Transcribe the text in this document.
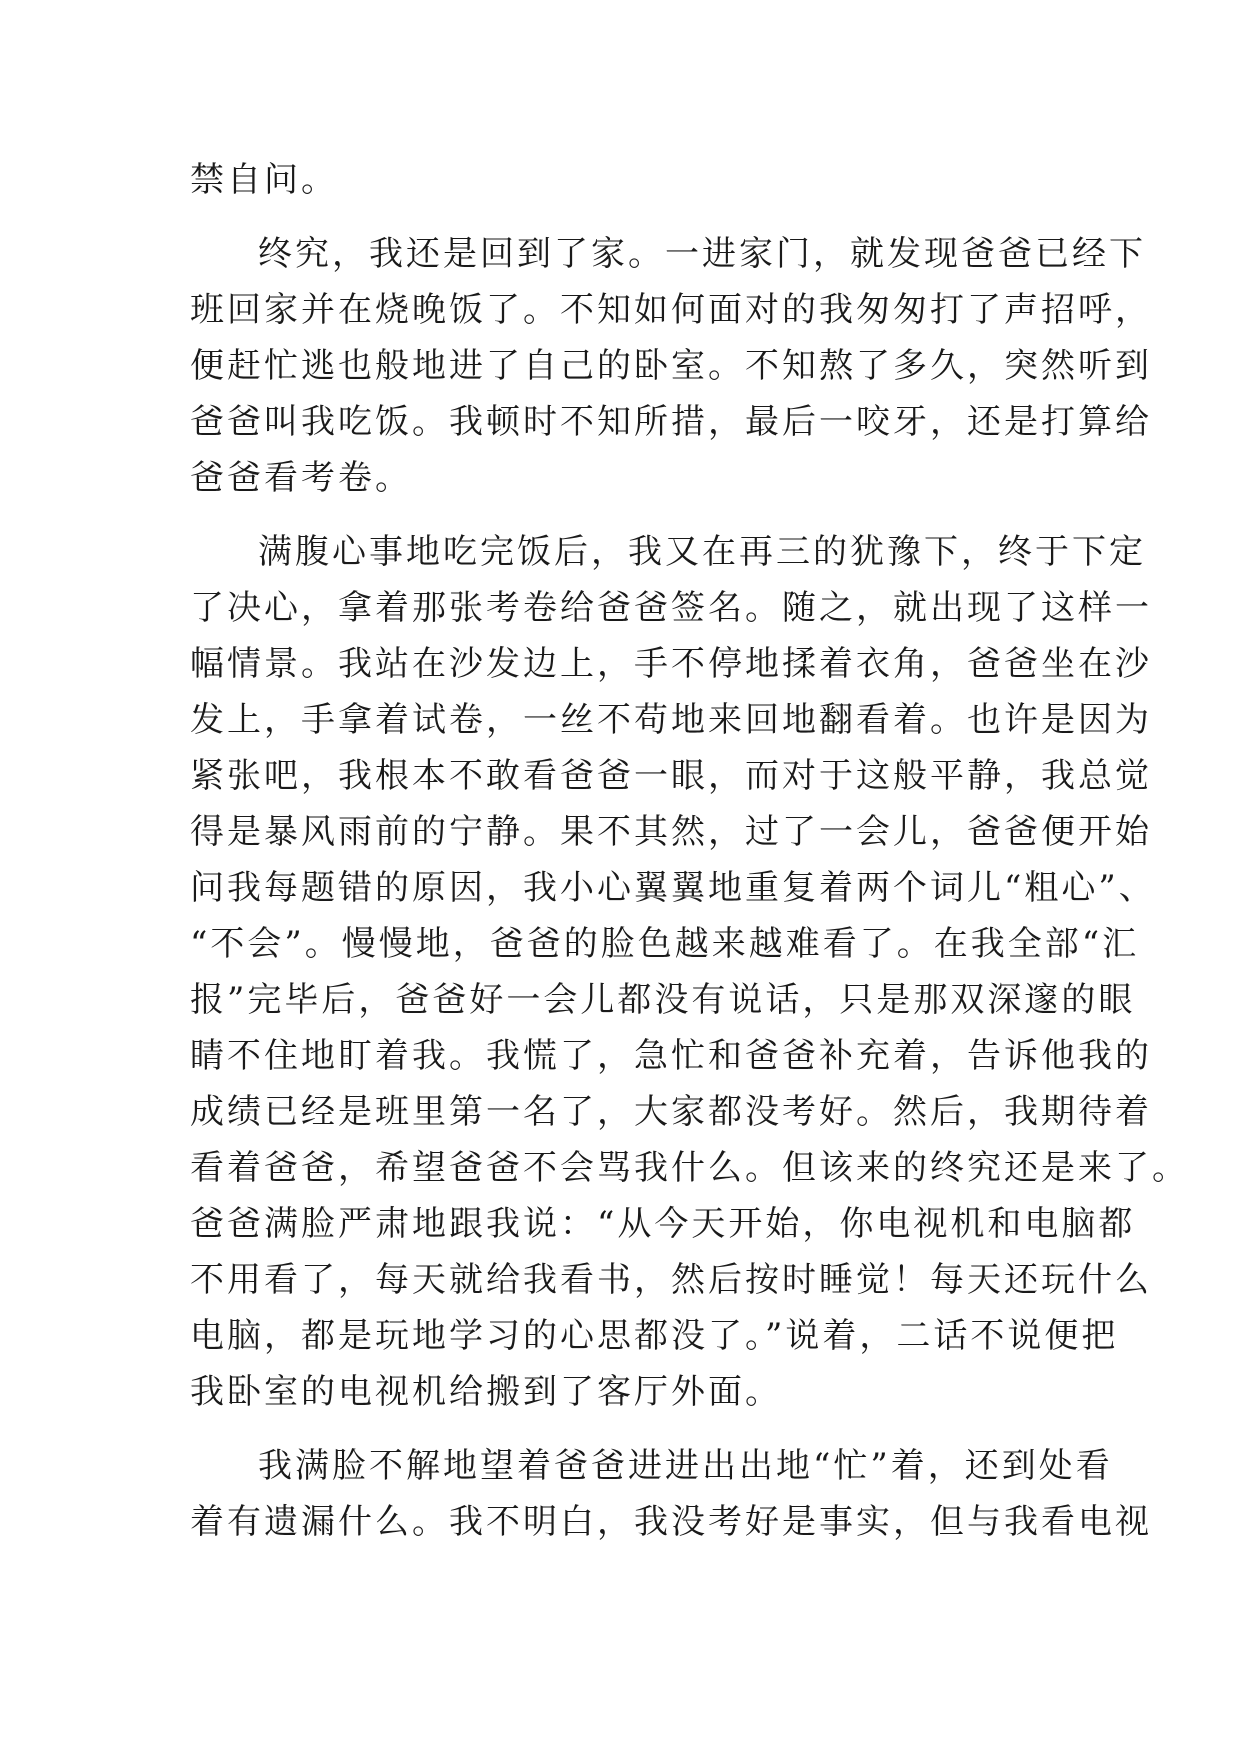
禁自问。
终究，我还是回到了家。一进家门，就发现爸爸已经下
班回家并在烧晚饭了。不知如何面对的我匆匆打了声招呼，
便赶忙逃也般地进了自己的卧室。不知熬了多久，突然听到
爸爸叫我吃饭。我顿时不知所措，最后一咬牙，还是打算给
爸爸看考卷。
满腹心事地吃完饭后，我又在再三的犹豫下，终于下定
了决心，拿着那张考卷给爸爸签名。随之，就出现了这样一
幅情景。我站在沙发边上，手不停地揉着衣角，爸爸坐在沙
发上，手拿着试卷，一丝不苟地来回地翻看着。也许是因为
紧张吧，我根本不敢看爸爸一眼，而对于这般平静，我总觉
得是暴风雨前的宁静。果不其然，过了一会儿，爸爸便开始
问我每题错的原因，我小心翼翼地重复着两个词儿“粗心”、
“不会”。慢慢地，爸爸的脸色越来越难看了。在我全部“汇
报”完毕后，爸爸好一会儿都没有说话，只是那双深邃的眼
睛不住地盯着我。我慌了，急忙和爸爸补充着，告诉他我的
成绩已经是班里第一名了，大家都没考好。然后，我期待着
看着爸爸，希望爸爸不会骂我什么。但该来的终究还是来了。
爸爸满脸严肃地跟我说：“从今天开始，你电视机和电脑都
不用看了，每天就给我看书，然后按时睡觉！每天还玩什么
电脑，都是玩地学习的心思都没了。”说着，二话不说便把
我卧室的电视机给搬到了客厅外面。
我满脸不解地望着爸爸进进出出地“忙”着，还到处看
着有遗漏什么。我不明白，我没考好是事实，但与我看电视
